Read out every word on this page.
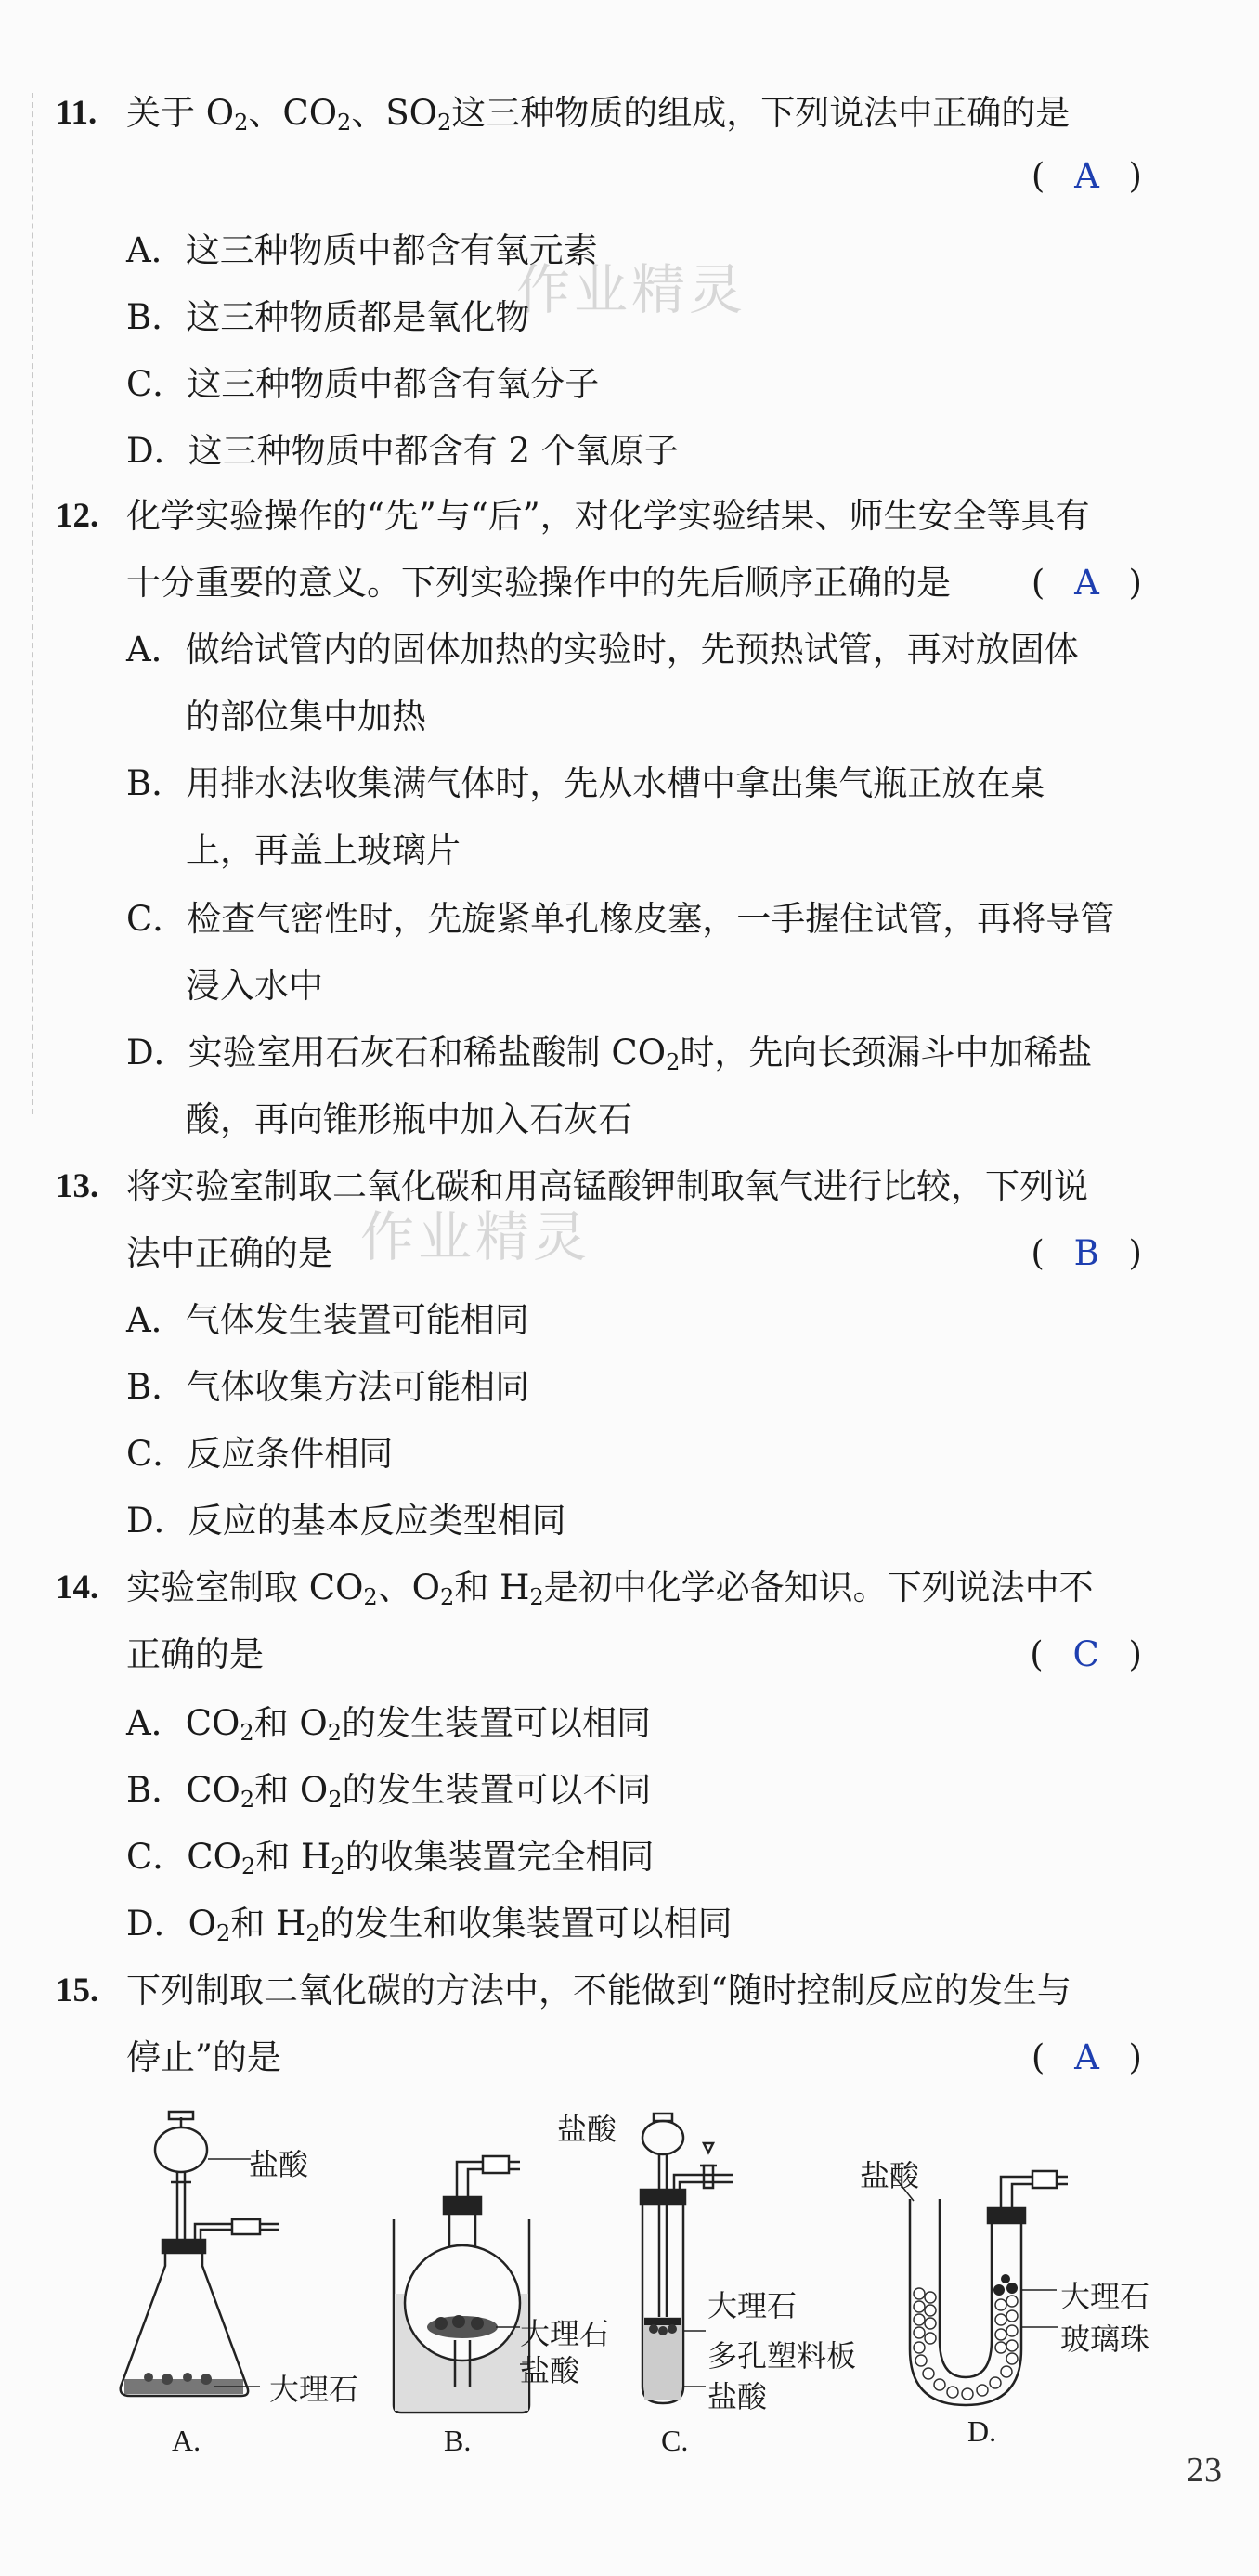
作业精灵
作业精灵
11. 关于 $O_2$、$CO_2$、$SO_2$这三种物质的组成，下列说法中正确的是
( A )
A．这三种物质中都含有氧元素
B．这三种物质都是氧化物
C．这三种物质中都含有氧分子
D．这三种物质中都含有 2 个氧原子
12. 化学实验操作的“先”与“后”，对化学实验结果、师生安全等具有
十分重要的意义。下列实验操作中的先后顺序正确的是 ( A )
A．做给试管内的固体加热的实验时，先预热试管，再对放固体
的部位集中加热
B．用排水法收集满气体时，先从水槽中拿出集气瓶正放在桌
上，再盖上玻璃片
C．检查气密性时，先旋紧单孔橡皮塞，一手握住试管，再将导管
浸入水中
D．实验室用石灰石和稀盐酸制 $CO_2$时，先向长颈漏斗中加稀盐
酸，再向锥形瓶中加入石灰石
13. 将实验室制取二氧化碳和用高锰酸钾制取氧气进行比较，下列说
法中正确的是	( B )
A．气体发生装置可能相同
B．气体收集方法可能相同
C．反应条件相同
D．反应的基本反应类型相同
14. 实验室制取 $CO_2$、$O_2$和 $H_2$是初中化学必备知识。下列说法中不
正确的是	( C )
A．$CO_2$和 $O_2$的发生装置可以相同
B．$CO_2$和 $O_2$的发生装置可以不同
C．$CO_2$和 $H_2$的收集装置完全相同
D．$O_2$和 $H_2$的发生和收集装置可以相同
15. 下列制取二氧化碳的方法中，不能做到“随时控制反应的发生与
停止”的是	( A )
盐酸
大理石
A.
大理石
盐酸
B.
盐酸
大理石
多孔塑料板
盐酸
C.
盐酸
大理石
玻璃珠
D.
23
